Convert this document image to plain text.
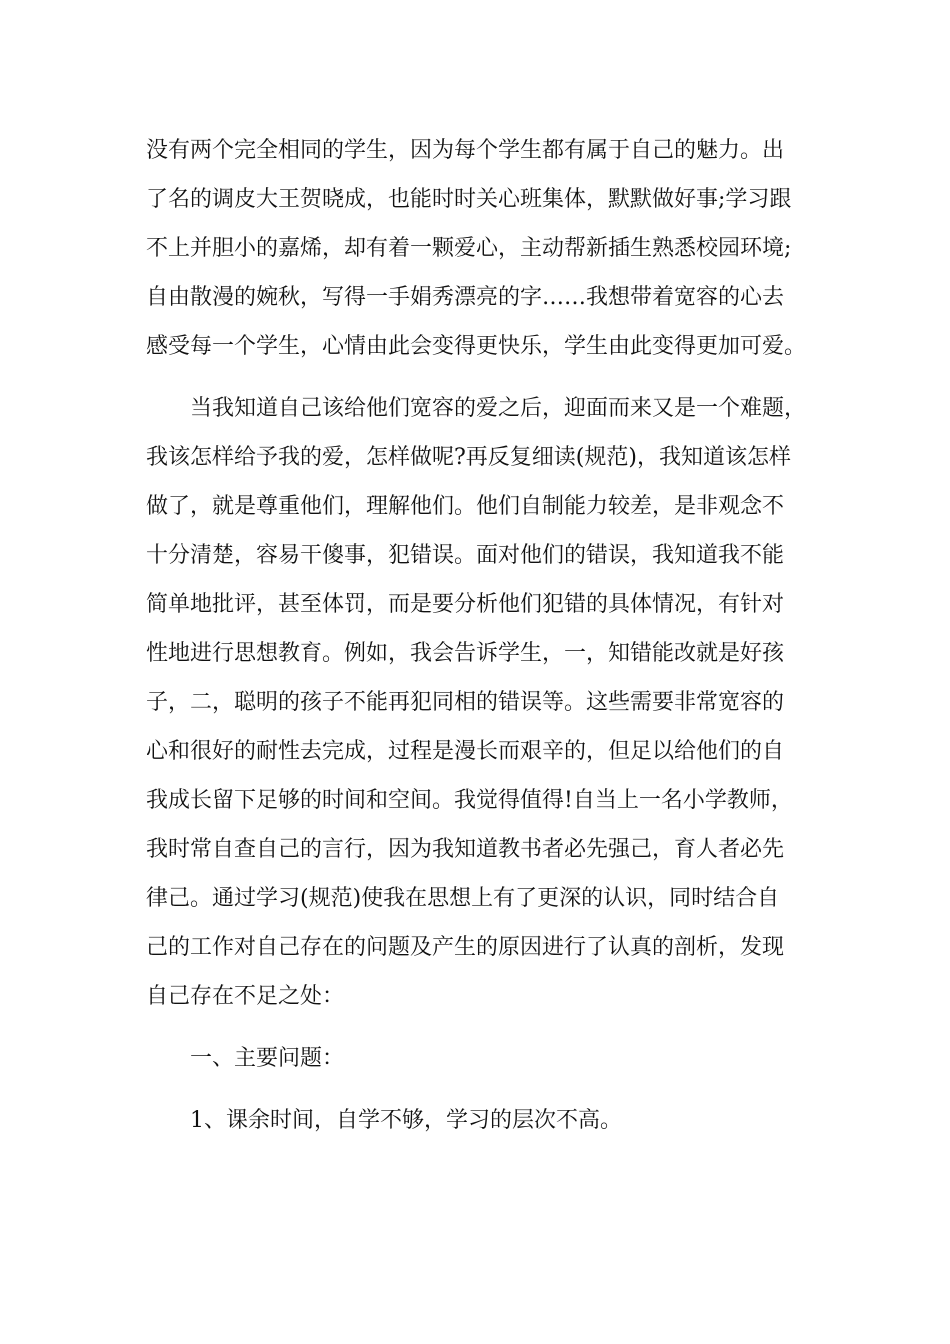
没有两个完全相同的学生，因为每个学生都有属于自己的魅力。出
了名的调皮大王贺晓成，也能时时关心班集体，默默做好事;学习跟
不上并胆小的嘉烯，却有着一颗爱心，主动帮新插生熟悉校园环境;
自由散漫的婉秋，写得一手娟秀漂亮的字……我想带着宽容的心去
感受每一个学生，心情由此会变得更快乐，学生由此变得更加可爱。
当我知道自己该给他们宽容的爱之后，迎面而来又是一个难题，
我该怎样给予我的爱，怎样做呢?再反复细读(规范)，我知道该怎样
做了，就是尊重他们，理解他们。他们自制能力较差，是非观念不
十分清楚，容易干傻事，犯错误。面对他们的错误，我知道我不能
简单地批评，甚至体罚，而是要分析他们犯错的具体情况，有针对
性地进行思想教育。例如，我会告诉学生，一，知错能改就是好孩
子，二，聪明的孩子不能再犯同相的错误等。这些需要非常宽容的
心和很好的耐性去完成，过程是漫长而艰辛的，但足以给他们的自
我成长留下足够的时间和空间。我觉得值得!自当上一名小学教师，
我时常自查自己的言行，因为我知道教书者必先强己，育人者必先
律己。通过学习(规范)使我在思想上有了更深的认识，同时结合自
己的工作对自己存在的问题及产生的原因进行了认真的剖析，发现
自己存在不足之处：
一、主要问题：
1、课余时间，自学不够，学习的层次不高。
